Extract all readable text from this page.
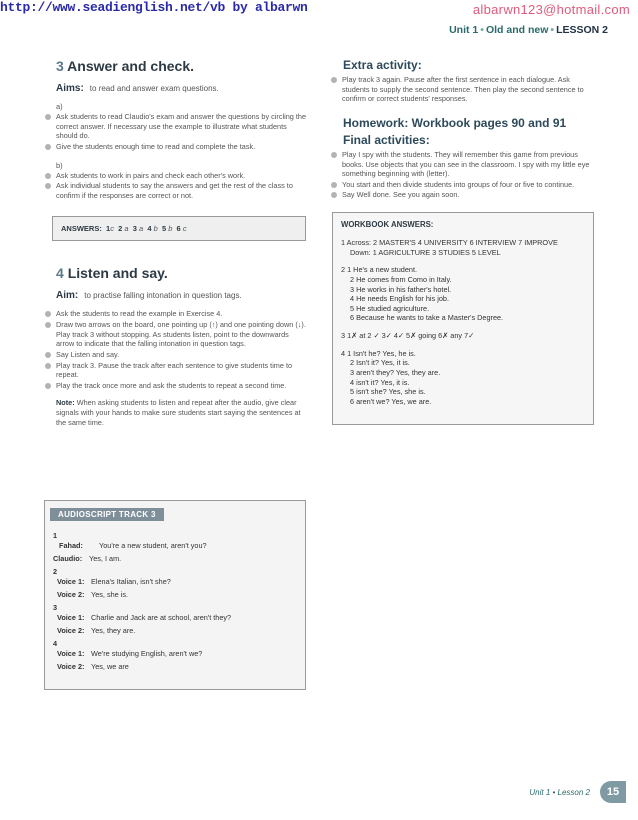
http://www.seadienglish.net/vb by albarwn	albarwn123@hotmail.com
Unit 1 • Old and new • LESSON 2
3 Answer and check.
Aims: to read and answer exam questions.
a)
Ask students to read Claudio's exam and answer the questions by circling the correct answer. If necessary use the example to illustrate what students should do.
Give the students enough time to read and complete the task.
b)
Ask students to work in pairs and check each other's work.
Ask individual students to say the answers and get the rest of the class to confirm if the responses are correct or not.
ANSWERS: 1c 2 a 3 a 4 b 5 b 6 c
4 Listen and say.
Aim: to practise falling intonation in question tags.
Ask the students to read the example in Exercise 4.
Draw two arrows on the board, one pointing up (↑) and one pointing down (↓). Play track 3 without stopping. As students listen, point to the downwards arrow to indicate that the falling intonation in question tags.
Say Listen and say.
Play track 3. Pause the track after each sentence to give students time to repeat.
Play the track once more and ask the students to repeat a second time.
Note: When asking students to listen and repeat after the audio, give clear signals with your hands to make sure students start saying the sentences at the same time.
AUDIOSCRIPT TRACK 3
1
Fahad: You're a new student, aren't you?
Claudio: Yes, I am.
2
Voice 1: Elena's Italian, isn't she?
Voice 2: Yes, she is.
3
Voice 1: Charlie and Jack are at school, aren't they?
Voice 2: Yes, they are.
4
Voice 1: We're studying English, aren't we?
Voice 2: Yes, we are
Extra activity:
Play track 3 again. Pause after the first sentence in each dialogue. Ask students to supply the second sentence. Then play the second sentence to confirm or correct students' responses.
Homework: Workbook pages 90 and 91
Final activities:
Play I spy with the students. They will remember this game from previous books. Use objects that you can see in the classroom. I spy with my little eye something beginning with (letter).
You start and then divide students into groups of four or five to continue.
Say Well done. See you again soon.
WORKBOOK ANSWERS:
1 Across: 2 MASTER'S 4 UNIVERSITY 6 INTERVIEW 7 IMPROVE
Down: 1 AGRICULTURE 3 STUDIES 5 LEVEL
2 1 He's a new student.
2 He comes from Como in Italy.
3 He works in his father's hotel.
4 He needs English for his job.
5 He studied agriculture.
6 Because he wants to take a Master's Degree.
3 1✗ at 2 ✓ 3✓ 4✓ 5✗ going 6✗ any 7✓
4 1 Isn't he? Yes, he is.
2 Isn't it? Yes, it is.
3 aren't they? Yes, they are.
4 isn't it? Yes, it is.
5 isn't she? Yes, she is.
6 aren't we? Yes, we are.
Unit 1 • Lesson 2	15
